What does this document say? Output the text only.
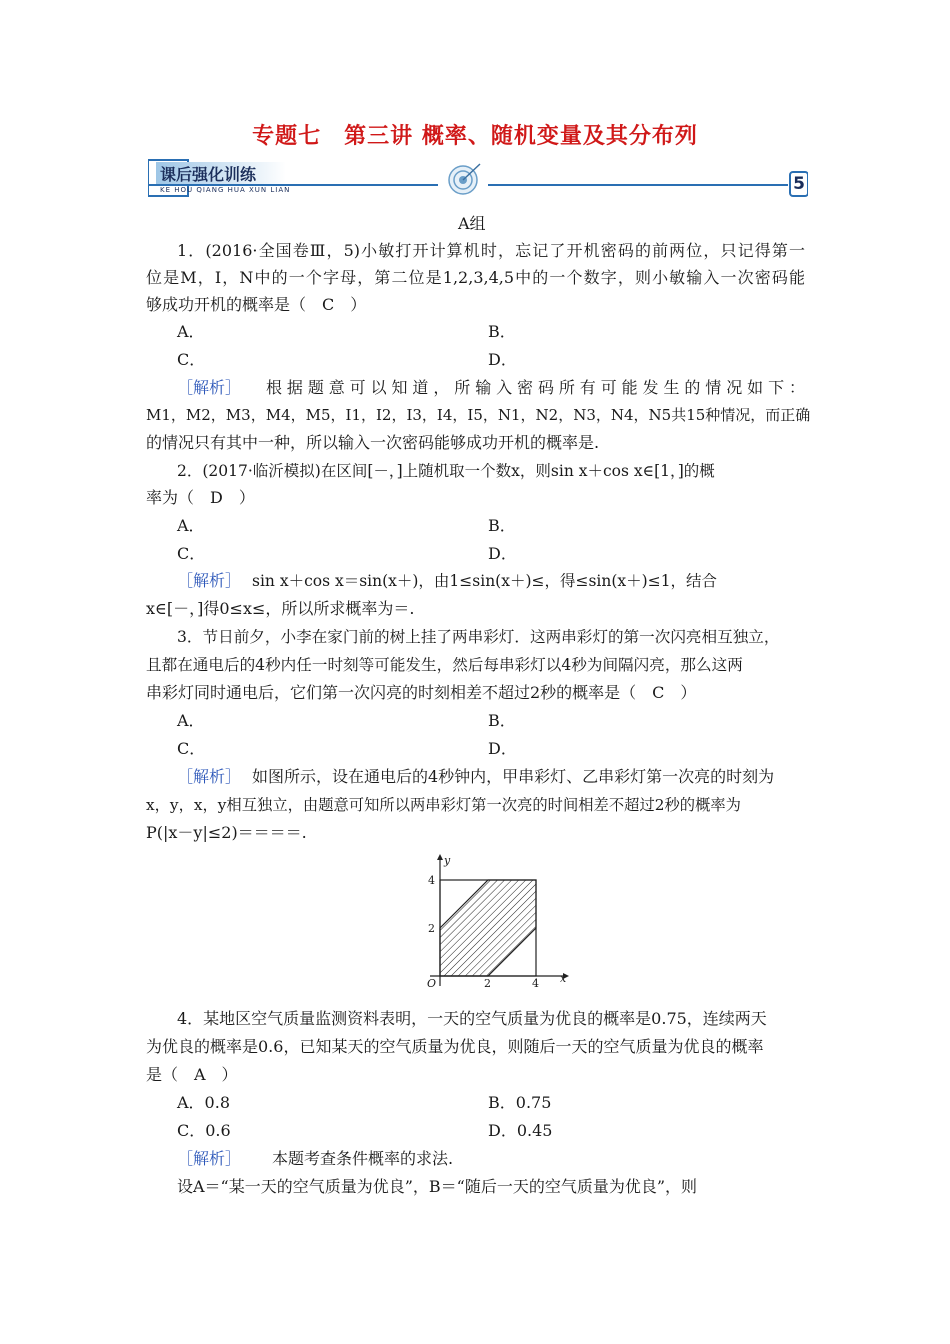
专题七　第三讲 概率、随机变量及其分布列
课后强化训练
KE HOU QIANG HUA XUN LIAN	5
A组
1．(2016·全国卷Ⅲ，5)小敏打开计算机时，忘记了开机密码的前两位，只记得第一
位是M，I，N中的一个字母，第二位是1,2,3,4,5中的一个数字，则小敏输入一次密码能
够成功开机的概率是（　C　）
A．	B．
C．	D．
［解析］ 根据题意可以知道，所输入密码所有可能发生的情况如下：
M1，M2，M3，M4，M5，I1，I2，I3，I4，I5，N1，N2，N3，N4，N5共15种情况，而正确
的情况只有其中一种，所以输入一次密码能够成功开机的概率是.
2．(2017·临沂模拟)在区间[－，]上随机取一个数x，则sin x＋cos x∈[1，]的概
率为（　D　）
A．	B．
C．	D．
［解析］ sin x＋cos x＝sin(x＋)，由1≤sin(x＋)≤，得≤sin(x＋)≤1，结合
x∈[－，]得0≤x≤，所以所求概率为＝.
3．节日前夕，小李在家门前的树上挂了两串彩灯．这两串彩灯的第一次闪亮相互独立，
且都在通电后的4秒内任一时刻等可能发生，然后每串彩灯以4秒为间隔闪亮，那么这两
串彩灯同时通电后，它们第一次闪亮的时刻相差不超过2秒的概率是（　C　）
A．	B．
C．	D．
［解析］ 如图所示，设在通电后的4秒钟内，甲串彩灯、乙串彩灯第一次亮的时刻为
x，y，x，y相互独立，由题意可知所以两串彩灯第一次亮的时间相差不超过2秒的概率为
P(|x－y|≤2)＝＝＝＝.
y
x
O
4
2
2	4
4．某地区空气质量监测资料表明，一天的空气质量为优良的概率是0.75，连续两天
为优良的概率是0.6，已知某天的空气质量为优良，则随后一天的空气质量为优良的概率
是（　A　）
A．0.8	B．0.75
C．0.6	D．0.45
［解析］ 本题考查条件概率的求法.
设A＝“某一天的空气质量为优良”，B＝“随后一天的空气质量为优良”，则
